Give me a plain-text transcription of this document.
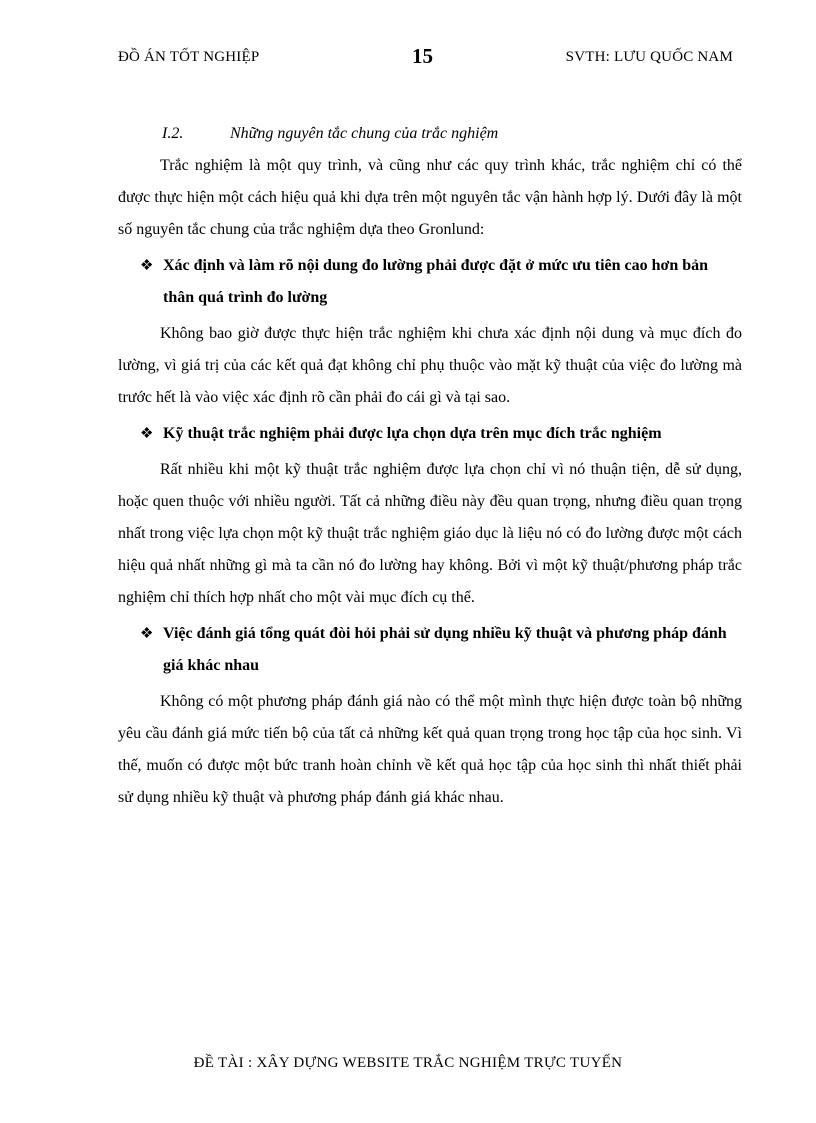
ĐỒ ÁN TỐT NGHIỆP	15	SVTH: LƯU QUỐC NAM
I.2.	Những nguyên tắc chung của trắc nghiệm

Trắc nghiệm là một quy trình, và cũng như các quy trình khác, trắc nghiệm chỉ có thể được thực hiện một cách hiệu quả khi dựa trên một nguyên tắc vận hành hợp lý. Dưới đây là một số nguyên tắc chung của trắc nghiệm dựa theo Gronlund:

❖ Xác định và làm rõ nội dung đo lường phải được đặt ở mức ưu tiên cao hơn bản thân quá trình đo lường

Không bao giờ được thực hiện trắc nghiệm khi chưa xác định nội dung và mục đích đo lường, vì giá trị của các kết quả đạt không chỉ phụ thuộc vào mặt kỹ thuật của việc đo lường mà trước hết là vào việc xác định rõ cần phải đo cái gì và tại sao.

❖ Kỹ thuật trắc nghiệm phải được lựa chọn dựa trên mục đích trắc nghiệm

Rất nhiều khi một kỹ thuật trắc nghiệm được lựa chọn chỉ vì nó thuận tiện, dễ sử dụng, hoặc quen thuộc với nhiều người. Tất cả những điều này đều quan trọng, nhưng điều quan trọng nhất trong việc lựa chọn một kỹ thuật trắc nghiệm giáo dục là liệu nó có đo lường được một cách hiệu quả nhất những gì mà ta cần nó đo lường hay không. Bởi vì một kỹ thuật/phương pháp trắc nghiệm chỉ thích hợp nhất cho một vài mục đích cụ thể.

❖ Việc đánh giá tổng quát đòi hỏi phải sử dụng nhiều kỹ thuật và phương pháp đánh giá khác nhau

Không có một phương pháp đánh giá nào có thể một mình thực hiện được toàn bộ những yêu cầu đánh giá mức tiến bộ của tất cả những kết quả quan trọng trong học tập của học sinh. Vì thế, muốn có được một bức tranh hoàn chỉnh về kết quả học tập của học sinh thì nhất thiết phải sử dụng nhiều kỹ thuật và phương pháp đánh giá khác nhau.

ĐỀ TÀI : XÂY DỰNG WEBSITE TRẮC NGHIỆM TRỰC TUYẾN
